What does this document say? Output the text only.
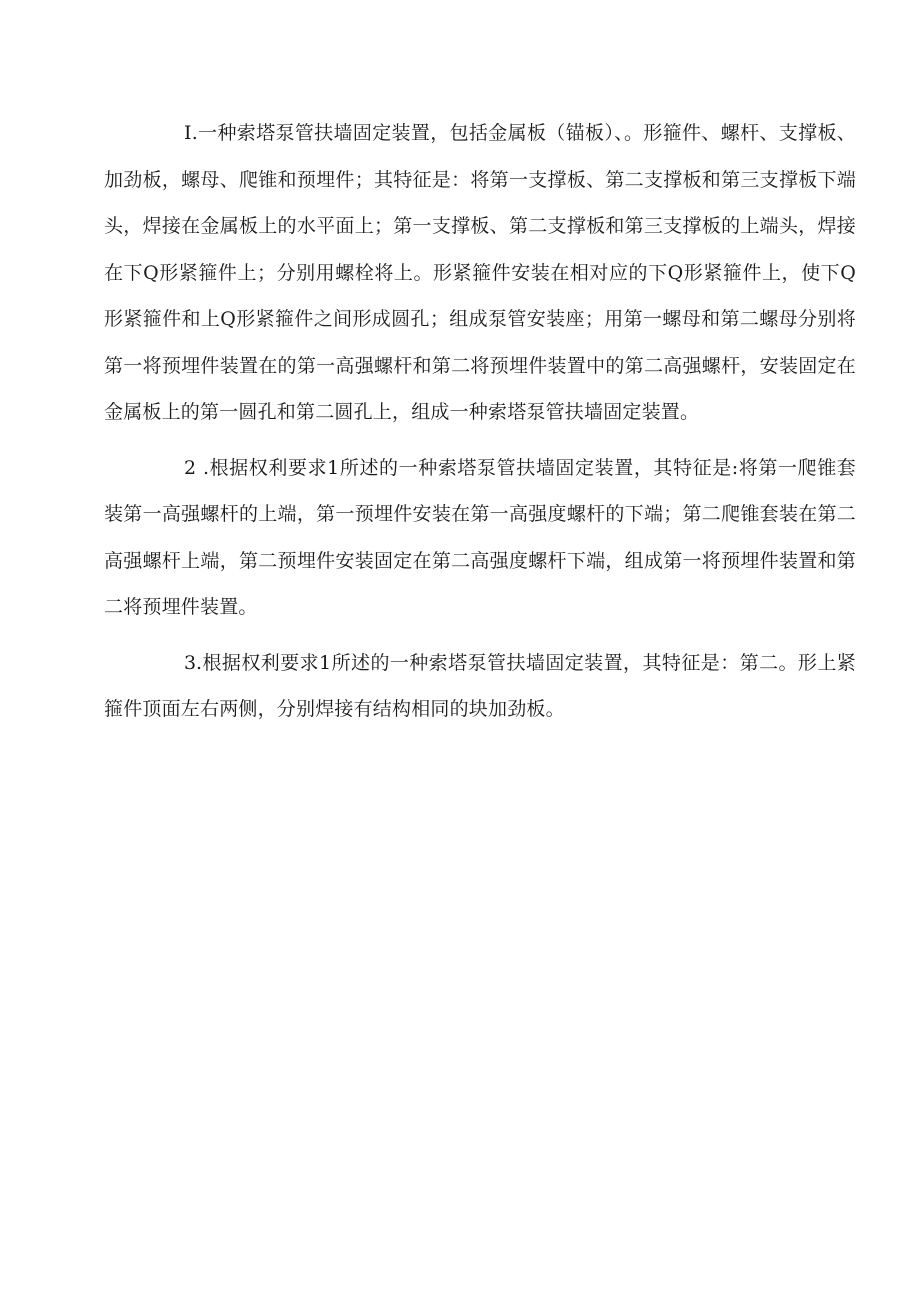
I.一种索塔泵管扶墙固定装置，包括金属板（锚板）、。形箍件、螺杆、支撑板、加劲板，螺母、爬锥和预埋件；其特征是：将第一支撑板、第二支撑板和第三支撑板下端头，焊接在金属板上的水平面上；第一支撑板、第二支撑板和第三支撑板的上端头，焊接在下Q形紧箍件上；分别用螺栓将上。形紧箍件安装在相对应的下Q形紧箍件上，使下Q形紧箍件和上Q形紧箍件之间形成圆孔；组成泵管安装座；用第一螺母和第二螺母分别将第一将预埋件装置在的第一高强螺杆和第二将预埋件装置中的第二高强螺杆，安装固定在金属板上的第一圆孔和第二圆孔上，组成一种索塔泵管扶墙固定装置。

2 .根据权利要求1所述的一种索塔泵管扶墙固定装置，其特征是:将第一爬锥套装第一高强螺杆的上端，第一预埋件安装在第一高强度螺杆的下端；第二爬锥套装在第二高强螺杆上端，第二预埋件安装固定在第二高强度螺杆下端，组成第一将预埋件装置和第二将预埋件装置。

3.根据权利要求1所述的一种索塔泵管扶墙固定装置，其特征是：第二。形上紧箍件顶面左右两侧，分别焊接有结构相同的块加劲板。
